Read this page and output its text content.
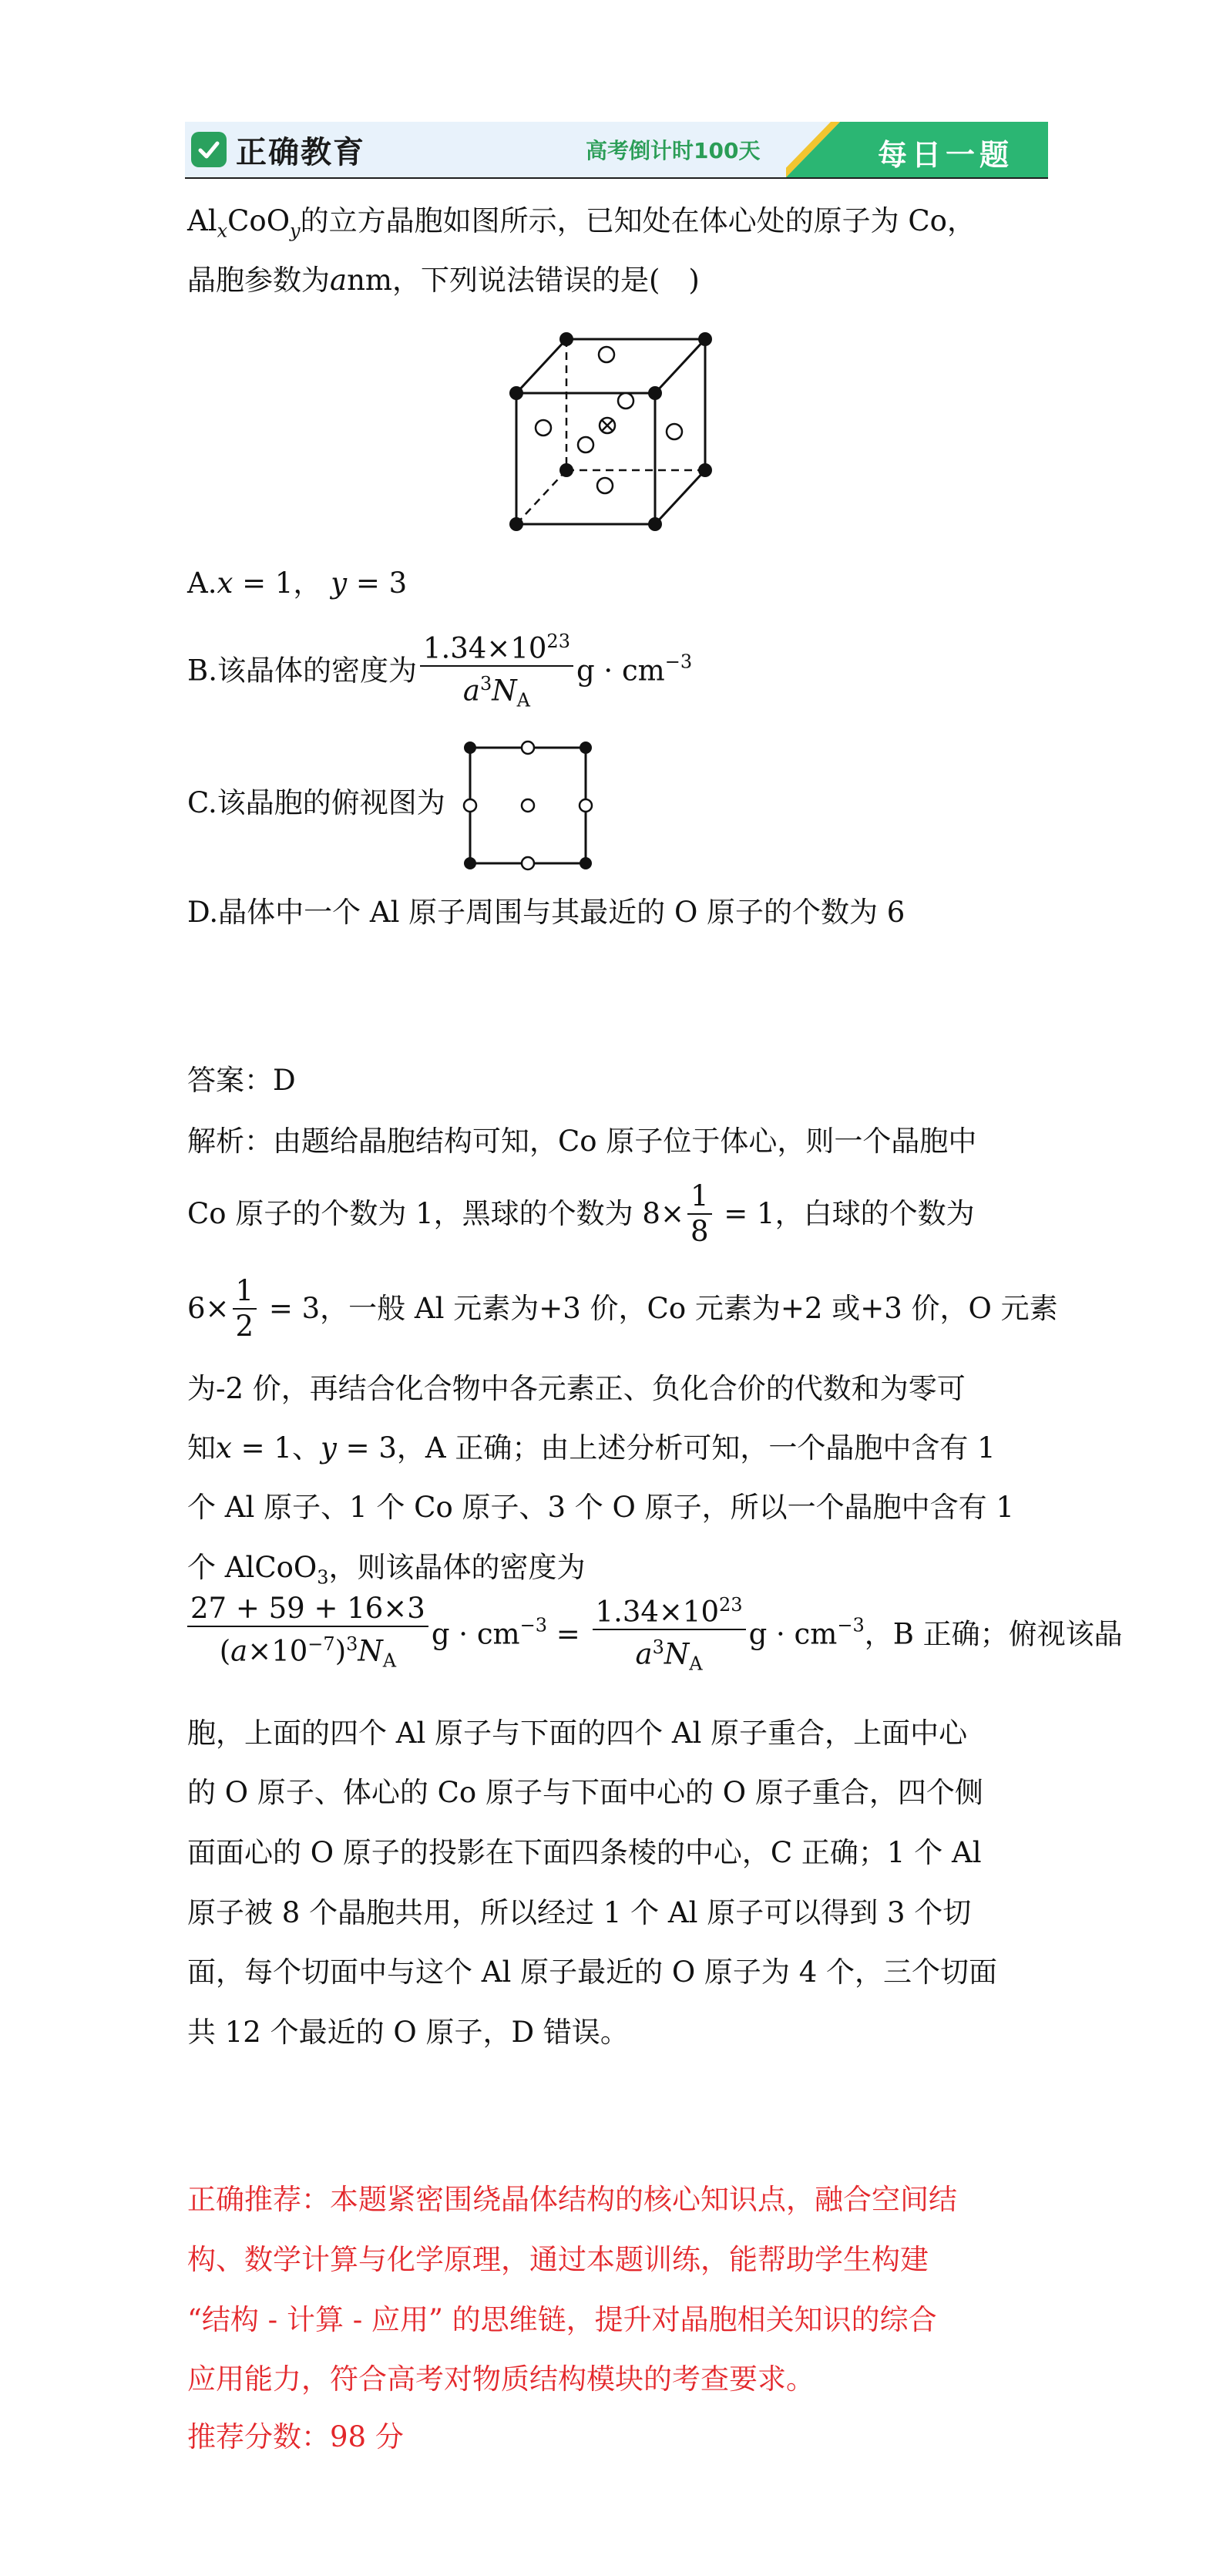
正确教育	高考倒计时100天	每日一题
$Al_xCoO_y$的立方晶胞如图所示，已知处在体心处的原子为 Co，
晶胞参数为anm，下列说法错误的是(　)
A.x = 1， y = 3
B.该晶体的密度为 $\frac{1.34\times 10^{23}}{a^3N_A}$ $g \cdot cm^{-3}$
C.该晶胞的俯视图为
D.晶体中一个 Al 原子周围与其最近的 O 原子的个数为 6
答案：D
解析：由题给晶胞结构可知，Co 原子位于体心，则一个晶胞中
Co 原子的个数为 1，黑球的个数为 $8\times \frac{1}{8} = 1$，白球的个数为
$6\times \frac{1}{2} = 3$，一般 Al 元素为+3 价，Co 元素为+2 或+3 价，O 元素
为-2 价，再结合化合物中各元素正、负化合价的代数和为零可
知x = 1、y = 3，A 正确；由上述分析可知，一个晶胞中含有 1
个 Al 原子、1 个 Co 原子、3 个 O 原子，所以一个晶胞中含有 1
个 AlCoO$_3$，则该晶体的密度为
$\frac{27 + 59 + 16\times 3}{(a\times 10^{-7})^3N_A}$ $g \cdot cm^{-3} = \frac{1.34\times 10^{23}}{a^3N_A}$ $g \cdot cm^{-3}$，B 正确；俯视该晶
胞，上面的四个 Al 原子与下面的四个 Al 原子重合，上面中心
的 O 原子、体心的 Co 原子与下面中心的 O 原子重合，四个侧
面面心的 O 原子的投影在下面四条棱的中心，C 正确；1 个 Al
原子被 8 个晶胞共用，所以经过 1 个 Al 原子可以得到 3 个切
面，每个切面中与这个 Al 原子最近的 O 原子为 4 个，三个切面
共 12 个最近的 O 原子，D 错误。
正确推荐：本题紧密围绕晶体结构的核心知识点，融合空间结
构、数学计算与化学原理，通过本题训练，能帮助学生构建
“结构 - 计算 - 应用” 的思维链，提升对晶胞相关知识的综合
应用能力，符合高考对物质结构模块的考查要求。
推荐分数：98 分
